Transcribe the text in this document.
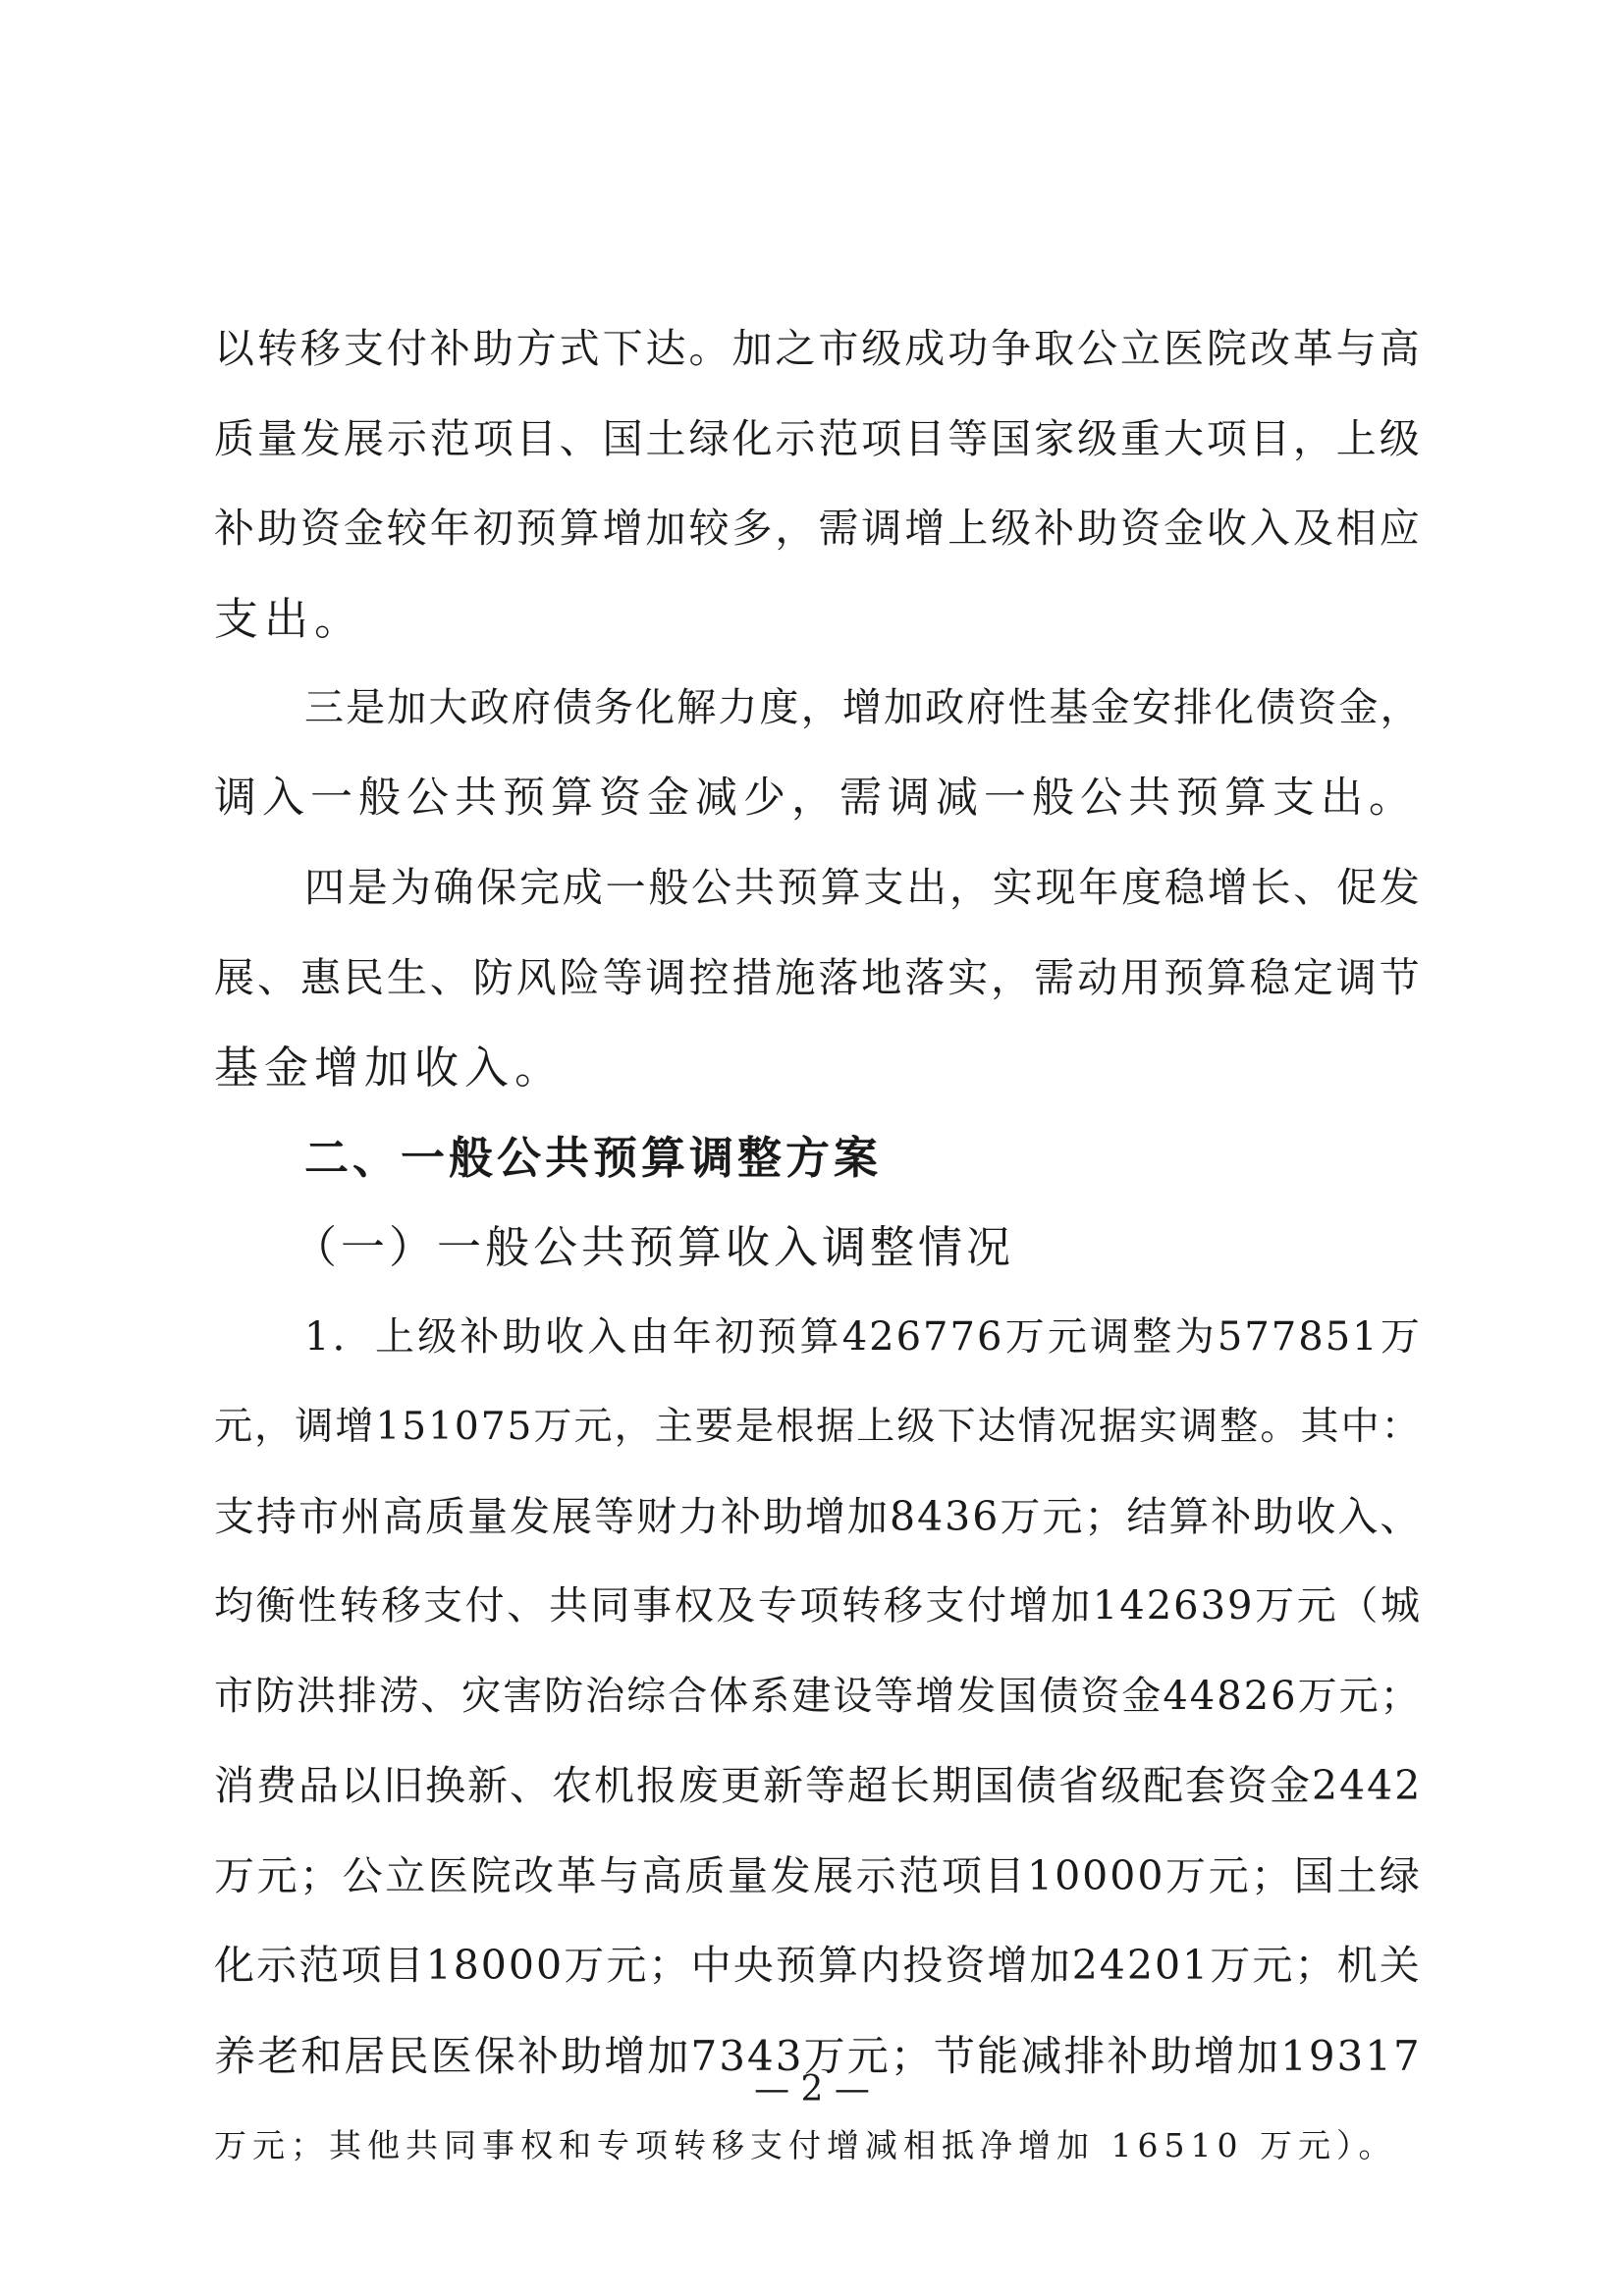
以 转 移 支 付 补 助 方 式 下 达 。 加 之 市 级 成 功 争 取 公 立 医 院 改 革 与 高
质 量 发 展 示 范 项 目 、 国 土 绿 化 示 范 项 目 等 国 家 级 重 大 项 目 ， 上 级
补 助 资 金 较 年 初 预 算 增 加 较 多 ， 需 调 增 上 级 补 助 资 金 收 入 及 相 应
支出。
三 是 加 大 政 府 债 务 化 解 力 度 ， 增 加 政 府 性 基 金 安 排 化 债 资 金 ，
调入一般公共预算资金减少，需调减一般公共预算支出。
四 是 为 确 保 完 成 一 般 公 共 预 算 支 出 ， 实 现 年 度 稳 增 长 、 促 发
展 、 惠 民 生 、 防 风 险 等 调 控 措 施 落 地 落 实 ， 需 动 用 预 算 稳 定 调 节
基金增加收入。
二、一般公共预算调整方案
（一）一般公共预算收入调整情况
1 ． 上 级 补 助 收 入 由 年 初 预 算 426776 万 元 调 整 为 577851 万
元 ， 调 增 151075 万 元 ， 主 要 是 根 据 上 级 下 达 情 况 据 实 调 整 。 其 中 ：
支 持 市 州 高 质 量 发 展 等 财 力 补 助 增 加 8436 万 元 ； 结 算 补 助 收 入 、
均 衡 性 转 移 支 付 、 共 同 事 权 及 专 项 转 移 支 付 增 加 142639 万 元 （ 城
市 防 洪 排 涝 、 灾 害 防 治 综 合 体 系 建 设 等 增 发 国 债 资 金 44826 万 元 ；
消 费 品 以 旧 换 新 、 农 机 报 废 更 新 等 超 长 期 国 债 省 级 配 套 资 金 2442
万 元 ； 公 立 医 院 改 革 与 高 质 量 发 展 示 范 项 目 10000 万 元 ； 国 土 绿
化 示 范 项 目 18000 万 元 ； 中 央 预 算 内 投 资 增 加 24201 万 元 ； 机 关
养 老 和 居 民 医 保 补 助 增 加 7343 万 元 ； 节 能 减 排 补 助 增 加 19317
万元；其他共同事权和专项转移支付增减相抵净增加 16510 万元）。
— 2 —
